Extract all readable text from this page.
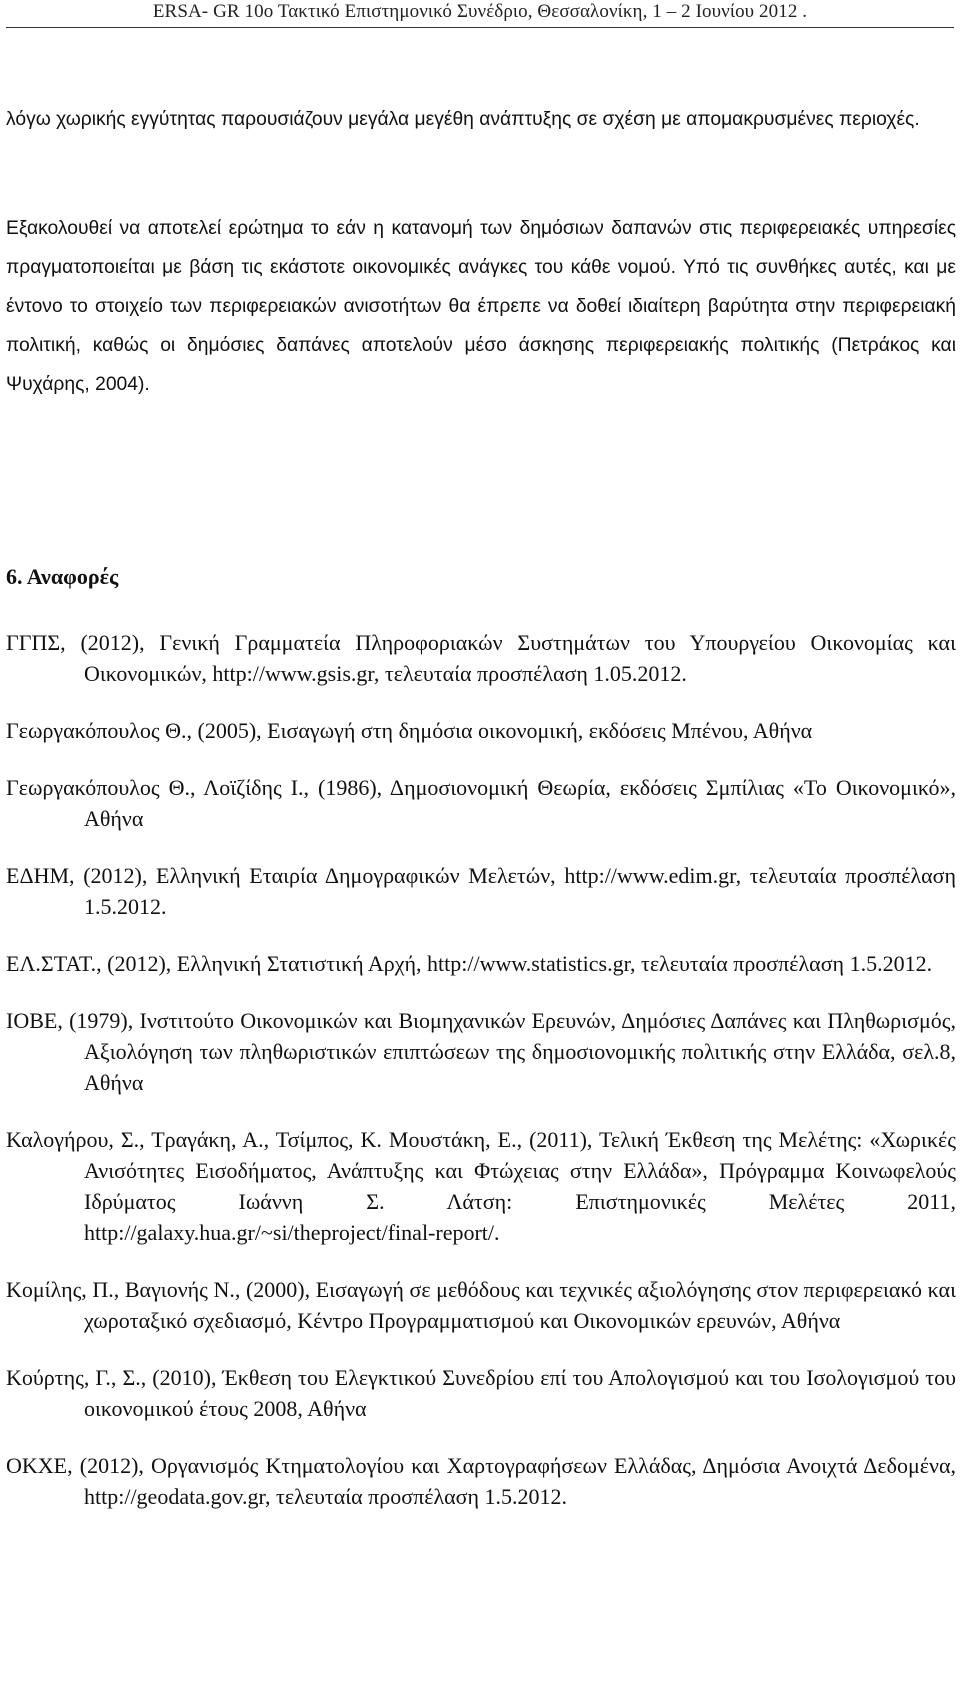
ERSA- GR 10ο Τακτικό Επιστημονικό Συνέδριο, Θεσσαλονίκη, 1 – 2 Ιουνίου 2012 .

λόγω χωρικής εγγύτητας παρουσιάζουν μεγάλα μεγέθη ανάπτυξης σε σχέση με απομακρυσμένες περιοχές.

Εξακολουθεί να αποτελεί ερώτημα το εάν η κατανομή των δημόσιων δαπανών στις περιφερειακές υπηρεσίες πραγματοποιείται με βάση τις εκάστοτε οικονομικές ανάγκες του κάθε νομού. Υπό τις συνθήκες αυτές, και με έντονο το στοιχείο των περιφερειακών ανισοτήτων θα έπρεπε να δοθεί ιδιαίτερη βαρύτητα στην περιφερειακή πολιτική, καθώς οι δημόσιες δαπάνες αποτελούν μέσο άσκησης περιφερειακής πολιτικής (Πετράκος και Ψυχάρης, 2004).

6. Αναφορές
ΓΓΠΣ, (2012), Γενική Γραμματεία Πληροφοριακών Συστημάτων του Υπουργείου Οικονομίας και Οικονομικών, http://www.gsis.gr, τελευταία προσπέλαση 1.05.2012.
Γεωργακόπουλος Θ., (2005), Εισαγωγή στη δημόσια οικονομική, εκδόσεις Μπένου, Αθήνα
Γεωργακόπουλος Θ., Λοϊζίδης Ι., (1986), Δημοσιονομική Θεωρία, εκδόσεις Σμπίλιας «Το Οικονομικό», Αθήνα
ΕΔΗΜ, (2012), Ελληνική Εταιρία Δημογραφικών Μελετών, http://www.edim.gr, τελευταία προσπέλαση 1.5.2012.
ΕΛ.ΣΤΑΤ., (2012), Ελληνική Στατιστική Αρχή, http://www.statistics.gr, τελευταία προσπέλαση 1.5.2012.
ΙΟΒΕ, (1979), Ινστιτούτο Οικονομικών και Βιομηχανικών Ερευνών, Δημόσιες Δαπάνες και Πληθωρισμός, Αξιολόγηση των πληθωριστικών επιπτώσεων της δημοσιονομικής πολιτικής στην Ελλάδα, σελ.8, Αθήνα
Καλογήρου, Σ., Τραγάκη, Α., Τσίμπος, Κ. Μουστάκη, Ε., (2011), Τελική Έκθεση της Μελέτης: «Χωρικές Ανισότητες Εισοδήματος, Ανάπτυξης και Φτώχειας στην Ελλάδα», Πρόγραμμα Κοινωφελούς Ιδρύματος Ιωάννη Σ. Λάτση: Επιστημονικές Μελέτες 2011, http://galaxy.hua.gr/~si/theproject/final-report/.
Κομίλης, Π., Βαγιονής Ν., (2000), Εισαγωγή σε μεθόδους και τεχνικές αξιολόγησης στον περιφερειακό και χωροταξικό σχεδιασμό, Κέντρο Προγραμματισμού και Οικονομικών ερευνών, Αθήνα
Κούρτης, Γ., Σ., (2010), Έκθεση του Ελεγκτικού Συνεδρίου επί του Απολογισμού και του Ισολογισμού του οικονομικού έτους 2008, Αθήνα
ΟΚΧΕ, (2012), Οργανισμός Κτηματολογίου και Χαρτογραφήσεων Ελλάδας, Δημόσια Ανοιχτά Δεδομένα, http://geodata.gov.gr, τελευταία προσπέλαση 1.5.2012.
